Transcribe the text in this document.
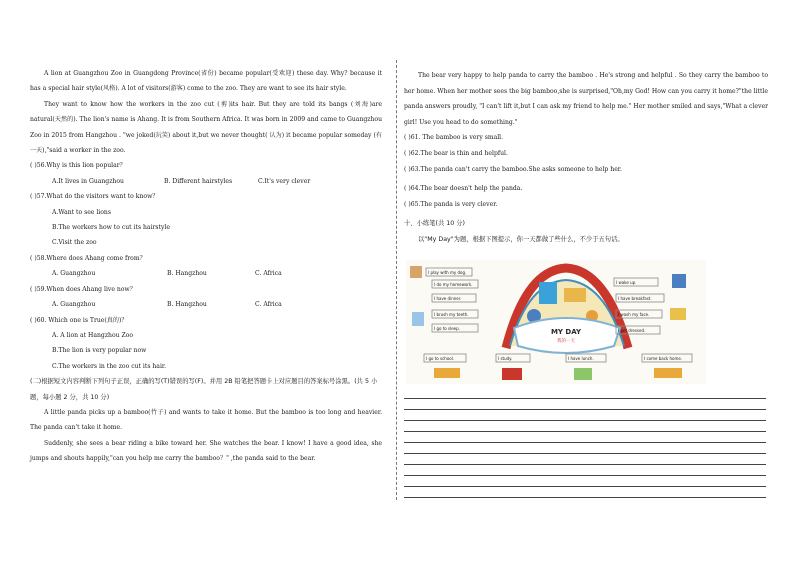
A lion at Guangzhou Zoo in Guangdong Province(省份) became popular(受欢迎) these day. Why? because it has a special hair style(风格). A lot of visitors(游客) come to the zoo. They are want to see its hair style.

They want to know how the workers in the zoo cut (剪)its hair. But they are told its bangs (刘海)are natural(天然的). The lion's name is Ahang. It is from Southern Africa. It was born in 2009 and came to Guangzhou Zoo in 2015 from Hangzhou . "we joked(玩笑) about it,but we never thought( 认为) it became popular someday (有一天),"said a worker in the zoo.

( )56.Why is this lion popular？

A.It lives in Guangzhou	B. Different hairstyles	C.It's very clever

( )57.What do the visitors want to know？

A.Want to see lions

B.The workers how to cut its hairstyle

C.Visit the zoo

( )58.Where does Ahang come from？

A. Guangzhou	B. Hangzhou	C. Africa

( )59.When does Ahang live now？

A. Guangzhou	B. Hangzhou	C. Africa

( )60. Which one is True(真的)？

A. A lion at Hangzhou Zoo

B.The lion is very popular now

C.The workers in the zoo cut its hair.

(二)根据短文内容判断下列句子正误，正确的写(T)错误的写(F)。并用 2B 铅笔把答题卡上对应题目的答案标号涂黑。(共 5 小题，每小题 2 分，共 10 分)

A little panda picks up a bamboo(竹子) and wants to take it home. But the bamboo is too long and heavier. The panda can't take it home.

Suddenly, she sees a bear riding a bike toward her. She watches the bear. I know! I have a good idea, she jumps and shouts happily,"can you help me carry the bamboo？" ,the panda said to the bear.

The bear very happy to help panda to carry the bamboo . He's strong and helpful . So they carry the bamboo to her home. When her mother sees the big bamboo,she is surprised,"Oh,my God! How can you carry it home?"the little panda answers proudly, "I can't lift it,but I can ask my friend to help me." Her mother smiled and says,"What a clever girl! Use you head to do something."

( )61. The bamboo is very small.

( )62.The bear is thin and helpful.

( )63.The panda can't carry the bamboo.She asks someone to help her.

( )64.The bear doesn't help the panda.

( )65.The panda is very clever.

十、小练笔(共 10 分)

以"My Day"为题，根据下图提示，你一天都做了些什么，不少于五句话。

MY DAY
我的一天
I play with my dog.
I do my homework.
I have dinner.
I brush my teeth.
I go to sleep.
I wake up.
I have breakfast.
I wash my face.
I get dressed.
I go to school.	I study.	I have lunch.	I come back home.
